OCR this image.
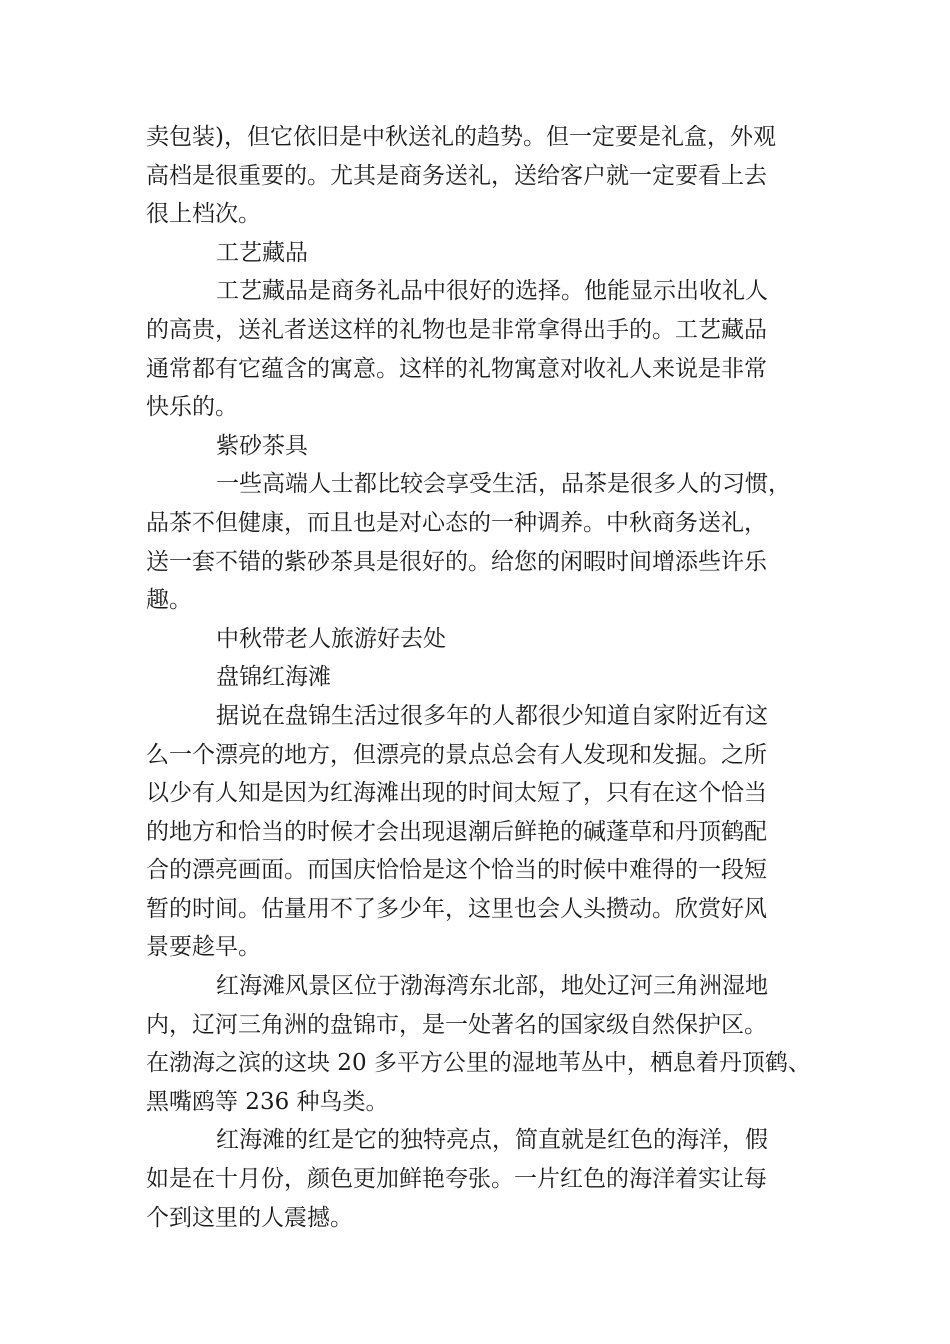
卖包装)，但它依旧是中秋送礼的趋势。但一定要是礼盒，外观
高档是很重要的。尤其是商务送礼，送给客户就一定要看上去
很上档次。
工艺藏品
工艺藏品是商务礼品中很好的选择。他能显示出收礼人
的高贵，送礼者送这样的礼物也是非常拿得出手的。工艺藏品
通常都有它蕴含的寓意。这样的礼物寓意对收礼人来说是非常
快乐的。
紫砂茶具
一些高端人士都比较会享受生活，品茶是很多人的习惯，
品茶不但健康，而且也是对心态的一种调养。中秋商务送礼，
送一套不错的紫砂茶具是很好的。给您的闲暇时间增添些许乐
趣。
中秋带老人旅游好去处
盘锦红海滩
据说在盘锦生活过很多年的人都很少知道自家附近有这
么一个漂亮的地方，但漂亮的景点总会有人发现和发掘。之所
以少有人知是因为红海滩出现的时间太短了，只有在这个恰当
的地方和恰当的时候才会出现退潮后鲜艳的碱蓬草和丹顶鹤配
合的漂亮画面。而国庆恰恰是这个恰当的时候中难得的一段短
暂的时间。估量用不了多少年，这里也会人头攒动。欣赏好风
景要趁早。
红海滩风景区位于渤海湾东北部，地处辽河三角洲湿地
内，辽河三角洲的盘锦市，是一处著名的国家级自然保护区。
在渤海之滨的这块 20 多平方公里的湿地苇丛中，栖息着丹顶鹤、
黑嘴鸥等 236 种鸟类。
红海滩的红是它的独特亮点，简直就是红色的海洋，假
如是在十月份，颜色更加鲜艳夸张。一片红色的海洋着实让每
个到这里的人震撼。
